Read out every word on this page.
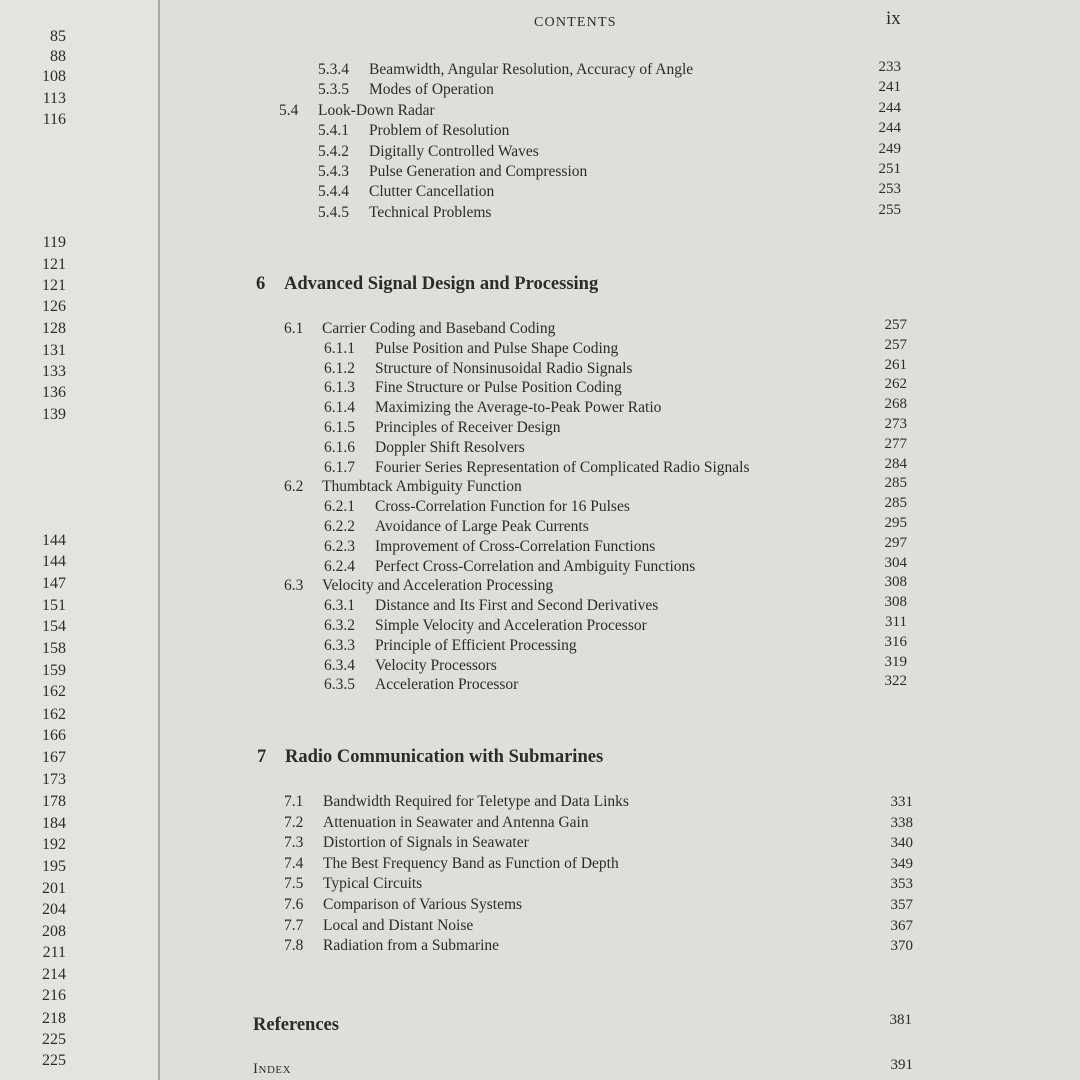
85
88
108
113
116
119
121
121
126
128
131
133
136
139
144
144
147
151
154
158
159
162
162
166
167
173
178
184
192
195
201
204
208
211
214
216
218
225
225
CONTENTS	ix
5.3.4 Beamwidth, Angular Resolution, Accuracy of Angle	233
5.3.5 Modes of Operation	241
5.4 Look-Down Radar	244
5.4.1 Problem of Resolution	244
5.4.2 Digitally Controlled Waves	249
5.4.3 Pulse Generation and Compression	251
5.4.4 Clutter Cancellation	253
5.4.5 Technical Problems	255
6 Advanced Signal Design and Processing
6.1 Carrier Coding and Baseband Coding	257
6.1.1 Pulse Position and Pulse Shape Coding	257
6.1.2 Structure of Nonsinusoidal Radio Signals	261
6.1.3 Fine Structure or Pulse Position Coding	262
6.1.4 Maximizing the Average-to-Peak Power Ratio	268
6.1.5 Principles of Receiver Design	273
6.1.6 Doppler Shift Resolvers	277
6.1.7 Fourier Series Representation of Complicated Radio Signals	284
6.2 Thumbtack Ambiguity Function	285
6.2.1 Cross-Correlation Function for 16 Pulses	285
6.2.2 Avoidance of Large Peak Currents	295
6.2.3 Improvement of Cross-Correlation Functions	297
6.2.4 Perfect Cross-Correlation and Ambiguity Functions	304
6.3 Velocity and Acceleration Processing	308
6.3.1 Distance and Its First and Second Derivatives	308
6.3.2 Simple Velocity and Acceleration Processor	311
6.3.3 Principle of Efficient Processing	316
6.3.4 Velocity Processors	319
6.3.5 Acceleration Processor	322
7 Radio Communication with Submarines
7.1 Bandwidth Required for Teletype and Data Links	331
7.2 Attenuation in Seawater and Antenna Gain	338
7.3 Distortion of Signals in Seawater	340
7.4 The Best Frequency Band as Function of Depth	349
7.5 Typical Circuits	353
7.6 Comparison of Various Systems	357
7.7 Local and Distant Noise	367
7.8 Radiation from a Submarine	370
References	381
Index	391
